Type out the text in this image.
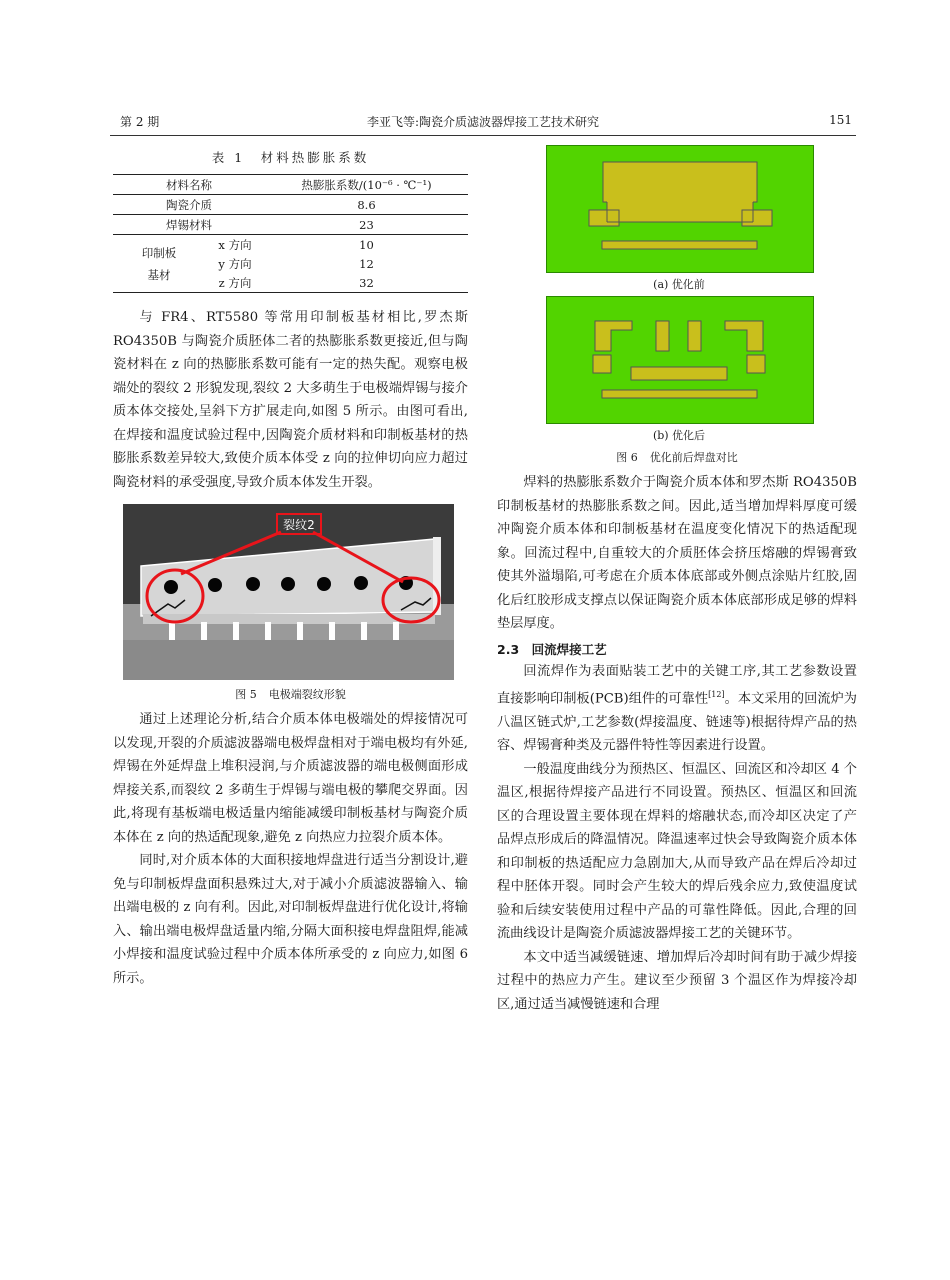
第 2 期	李亚飞等:陶瓷介质滤波器焊接工艺技术研究	151
表 1　材料热膨胀系数
材料名称		热膨胀系数/(10⁻⁶ · ℃⁻¹)
陶瓷介质		8.6
焊锡材料		23

印制板
基材	x 方向	10
	y 方向	12
	z 方向	32

与 FR4、RT5580 等常用印制板基材相比,罗杰斯 RO4350B 与陶瓷介质胚体二者的热膨胀系数更接近,但与陶瓷材料在 z 向的热膨胀系数可能有一定的热失配。观察电极端处的裂纹 2 形貌发现,裂纹 2 大多萌生于电极端焊锡与接介质本体交接处,呈斜下方扩展走向,如图 5 所示。由图可看出,在焊接和温度试验过程中,因陶瓷介质材料和印制板基材的热膨胀系数差异较大,致使介质本体受 z 向的拉伸切向应力超过陶瓷材料的承受强度,导致介质本体发生开裂。

裂纹2
图 5 电极端裂纹形貌

通过上述理论分析,结合介质本体电极端处的焊接情况可以发现,开裂的介质滤波器端电极焊盘相对于端电极均有外延,焊锡在外延焊盘上堆积浸润,与介质滤波器的端电极侧面形成焊接关系,而裂纹 2 多萌生于焊锡与端电极的攀爬交界面。因此,将现有基板端电极适量内缩能减缓印制板基材与陶瓷介质本体在 z 向的热适配现象,避免 z 向热应力拉裂介质本体。

同时,对介质本体的大面积接地焊盘进行适当分割设计,避免与印制板焊盘面积悬殊过大,对于减小介质滤波器输入、输出端电极的 z 向有利。因此,对印制板焊盘进行优化设计,将输入、输出端电极焊盘适量内缩,分隔大面积接电焊盘阻焊,能减小焊接和温度试验过程中介质本体所承受的 z 向应力,如图 6 所示。

(a) 优化前
(b) 优化后
图 6 优化前后焊盘对比

焊料的热膨胀系数介于陶瓷介质本体和罗杰斯 RO4350B 印制板基材的热膨胀系数之间。因此,适当增加焊料厚度可缓冲陶瓷介质本体和印制板基材在温度变化情况下的热适配现象。回流过程中,自重较大的介质胚体会挤压熔融的焊锡膏致使其外溢塌陷,可考虑在介质本体底部或外侧点涂贴片红胶,固化后红胶形成支撑点以保证陶瓷介质本体底部形成足够的焊料垫层厚度。

2.3　回流焊接工艺

回流焊作为表面贴装工艺中的关键工序,其工艺参数设置直接影响印制板(PCB)组件的可靠性[12]。本文采用的回流炉为八温区链式炉,工艺参数(焊接温度、链速等)根据待焊产品的热容、焊锡膏种类及元器件特性等因素进行设置。

一般温度曲线分为预热区、恒温区、回流区和冷却区 4 个温区,根据待焊接产品进行不同设置。预热区、恒温区和回流区的合理设置主要体现在焊料的熔融状态,而冷却区决定了产品焊点形成后的降温情况。降温速率过快会导致陶瓷介质本体和印制板的热适配应力急剧加大,从而导致产品在焊后冷却过程中胚体开裂。同时会产生较大的焊后残余应力,致使温度试验和后续安装使用过程中产品的可靠性降低。因此,合理的回流曲线设计是陶瓷介质滤波器焊接工艺的关键环节。

本文中适当减缓链速、增加焊后冷却时间有助于减少焊接过程中的热应力产生。建议至少预留 3 个温区作为焊接冷却区,通过适当减慢链速和合理
